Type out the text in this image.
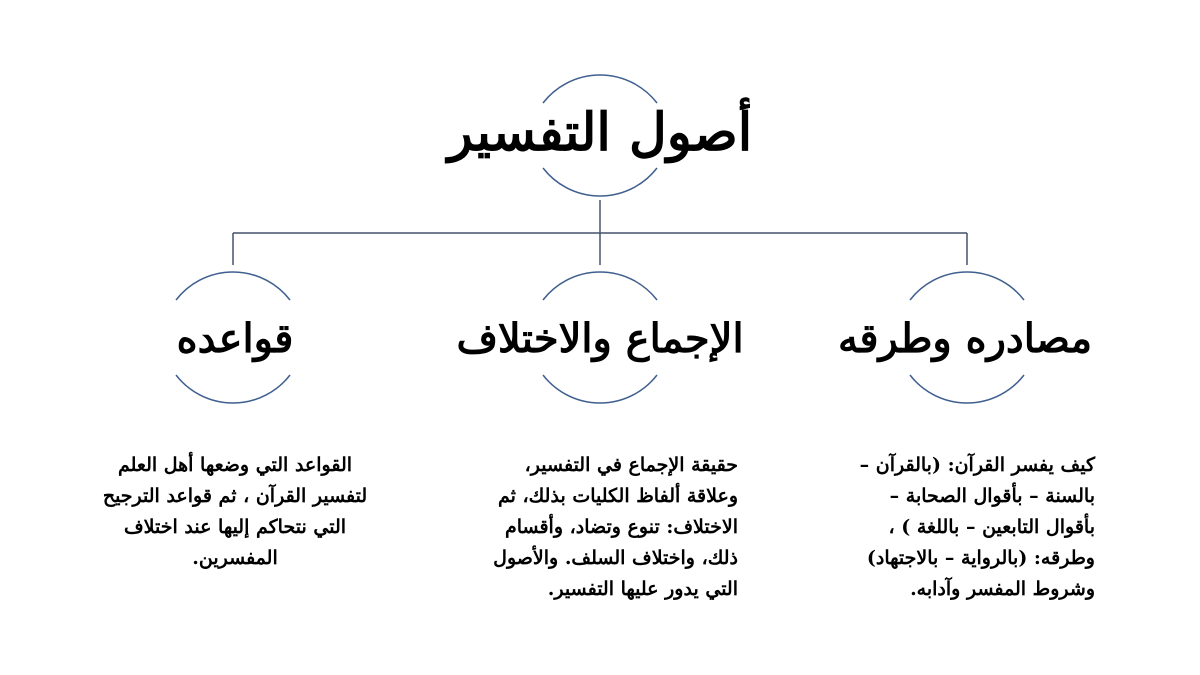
أصول التفسير
مصادره وطرقه
الإجماع والاختلاف
قواعده
كيف يفسر القرآن: (بالقرآن –
بالسنة – بأقوال الصحابة –
بأقوال التابعين – باللغة ) ،
وطرقه: (بالرواية – بالاجتهاد)
وشروط المفسر وآدابه.
حقيقة الإجماع في التفسير،
وعلاقة ألفاظ الكليات بذلك، ثم
الاختلاف: تنوع وتضاد، وأقسام
ذلك، واختلاف السلف. والأصول
التي يدور عليها التفسير.
القواعد التي وضعها أهل العلم
لتفسير القرآن ، ثم قواعد الترجيح
التي نتحاكم إليها عند اختلاف
المفسرين.
